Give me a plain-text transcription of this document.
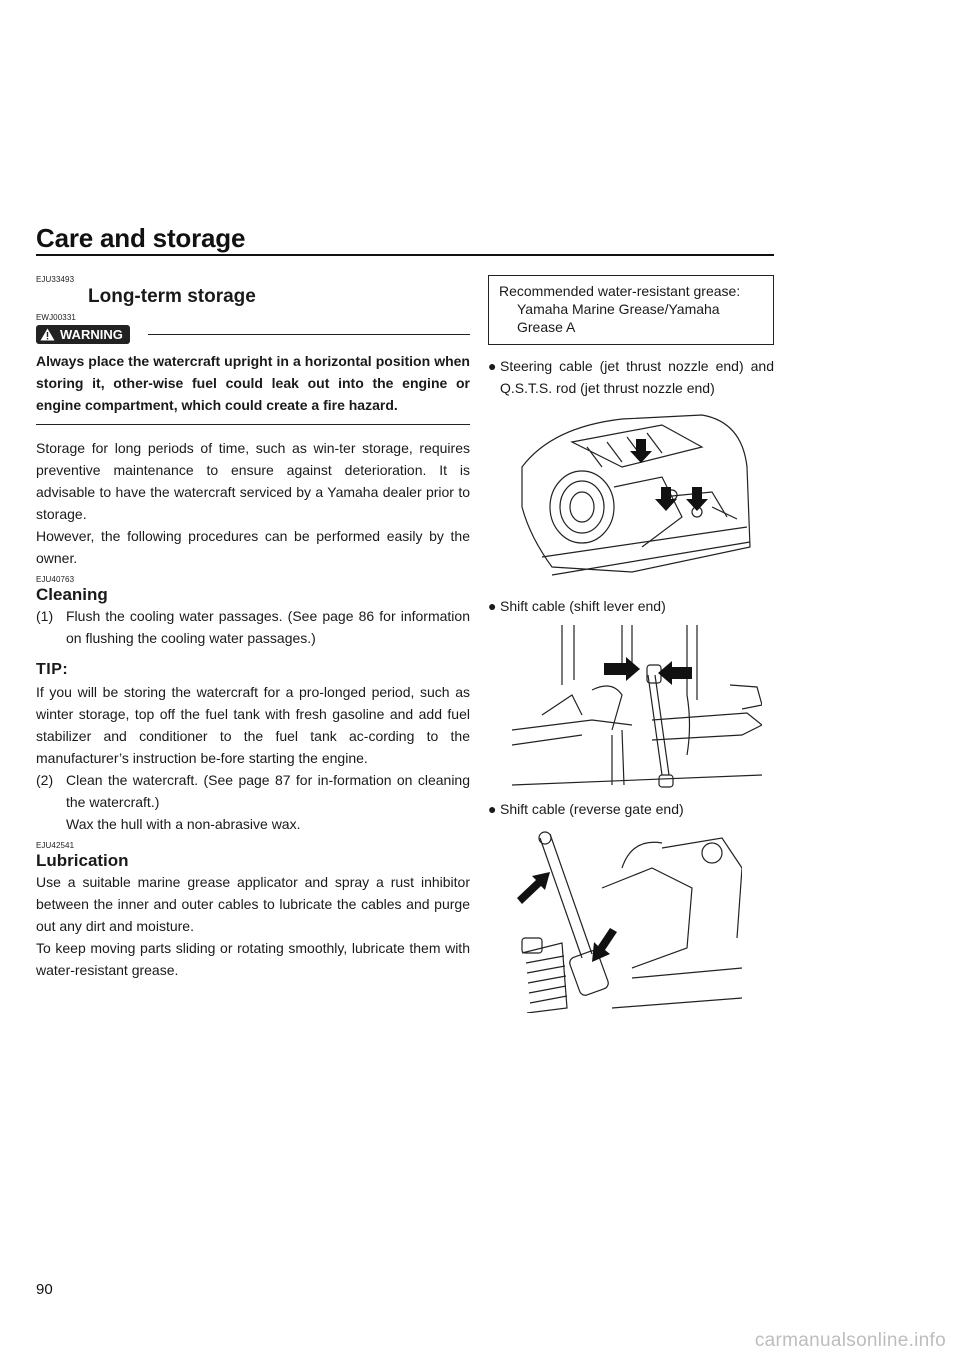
Care and storage
EJU33493
Long-term storage
EWJ00331
WARNING
Always place the watercraft upright in a horizontal position when storing it, other-wise fuel could leak out into the engine or engine compartment, which could create a fire hazard.

Storage for long periods of time, such as win-ter storage, requires preventive maintenance to ensure against deterioration. It is advisable to have the watercraft serviced by a Yamaha dealer prior to storage.

However, the following procedures can be performed easily by the owner.

EJU40763
Cleaning
(1) Flush the cooling water passages. (See page 86 for information on flushing the cooling water passages.)
TIP:

If you will be storing the watercraft for a pro-longed period, such as winter storage, top off the fuel tank with fresh gasoline and add fuel stabilizer and conditioner to the fuel tank ac-cording to the manufacturer’s instruction be-fore starting the engine.

(2) Clean the watercraft. (See page 87 for in-formation on cleaning the watercraft.)
Wax the hull with a non-abrasive wax.
EJU42541
Lubrication

Use a suitable marine grease applicator and spray a rust inhibitor between the inner and outer cables to lubricate the cables and purge out any dirt and moisture.

To keep moving parts sliding or rotating smoothly, lubricate them with water-resistant grease.

Recommended water-resistant grease:
Yamaha Marine Grease/Yamaha Grease A
● Steering cable (jet thrust nozzle end) and Q.S.T.S. rod (jet thrust nozzle end)
● Shift cable (shift lever end)
● Shift cable (reverse gate end)
90
carmanualsonline.info
